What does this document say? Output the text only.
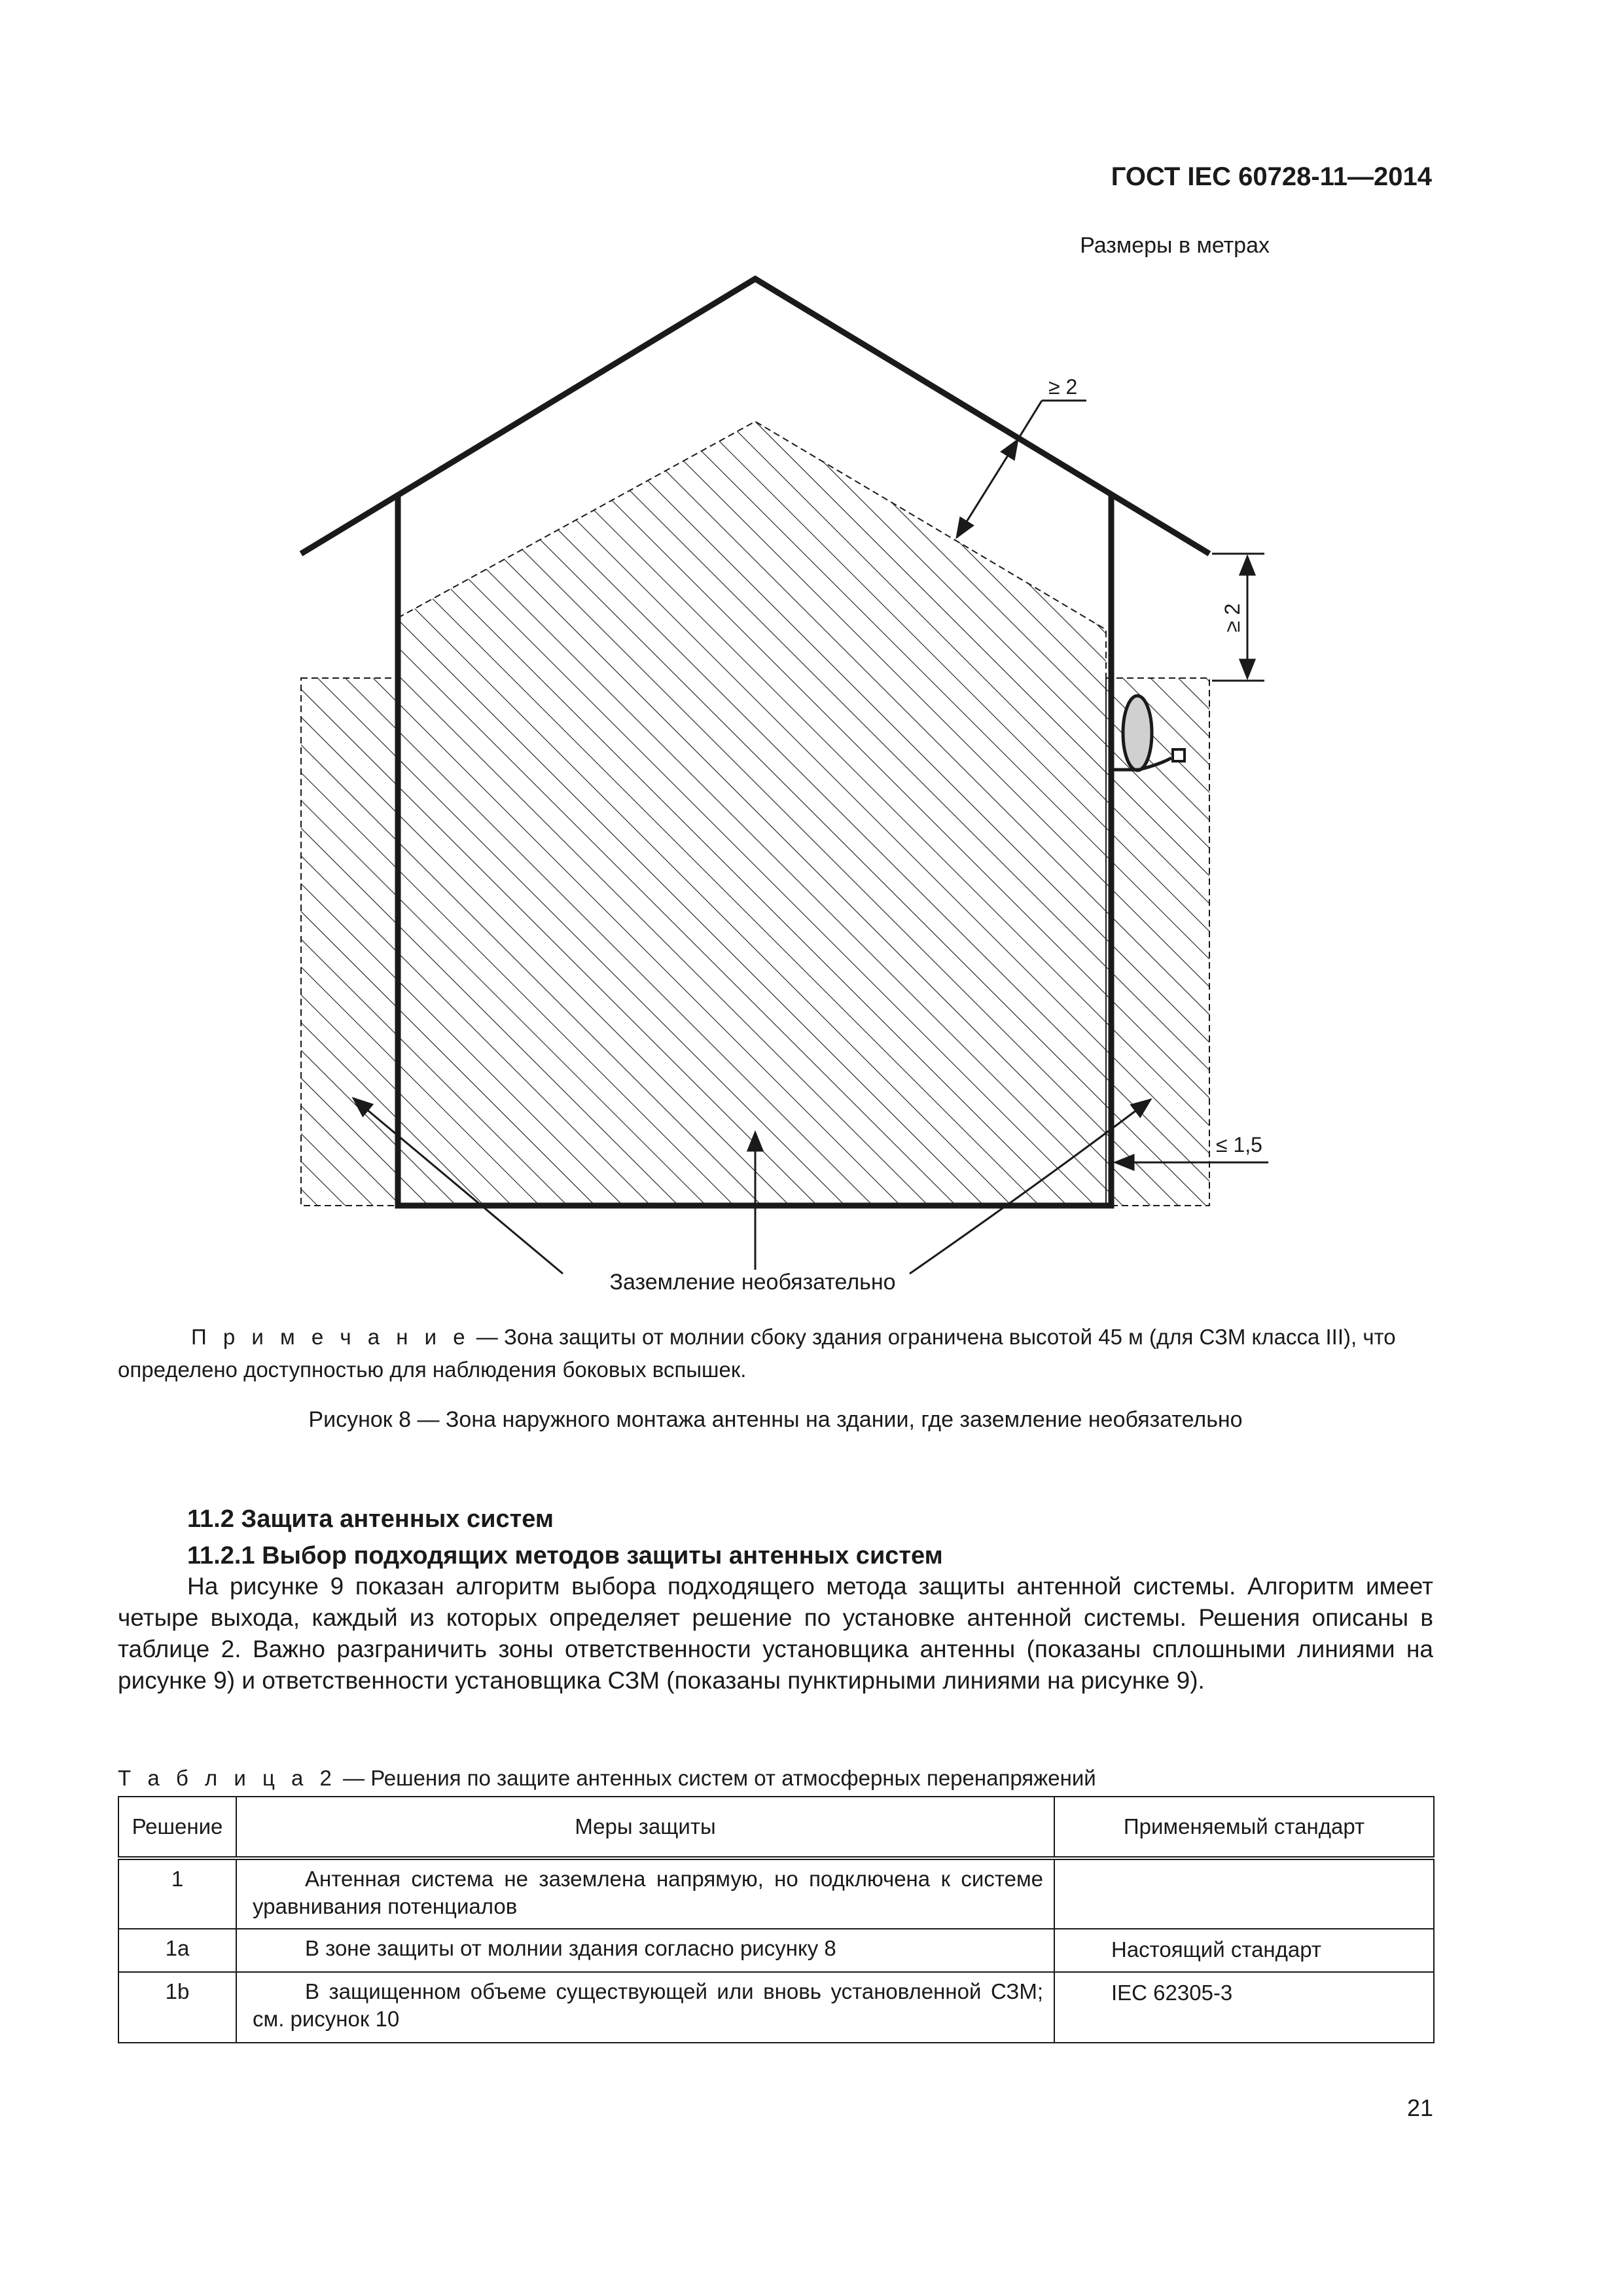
ГОСТ IEC 60728-11—2014
Размеры в метрах
≥ 2
≥ 2
≤ 1,5
Заземление необязательно

П р и м е ч а н и е — Зона защиты от молнии сбоку здания ограничена высотой 45 м (для СЗМ класса III), что определено доступностью для наблюдения боковых вспышек.

Рисунок 8 — Зона наружного монтажа антенны на здании, где заземление необязательно
11.2 Защита антенных систем
11.2.1 Выбор подходящих методов защиты антенных систем

На рисунке 9 показан алгоритм выбора подходящего метода защиты антенной системы. Алгоритм имеет четыре выхода, каждый из которых определяет решение по установке антенной системы. Решения описаны в таблице 2. Важно разграничить зоны ответственности установщика антенны (показаны сплошными линиями на рисунке 9) и ответственности установщика СЗМ (показаны пунктирными линиями на рисунке 9).

Т а б л и ц а 2 — Решения по защите антенных систем от атмосферных перенапряжений
Решение	Меры защиты	Применяемый стандарт
1	Антенная система не заземлена напрямую, но подключена к системе уравнивания потенциалов	

1a	В зоне защиты от молнии здания согласно рисунку 8	Настоящий стандарт
1b	В защищенном объеме существующей или вновь установленной СЗМ; см. рисунок 10	IEC 62305-3
21
